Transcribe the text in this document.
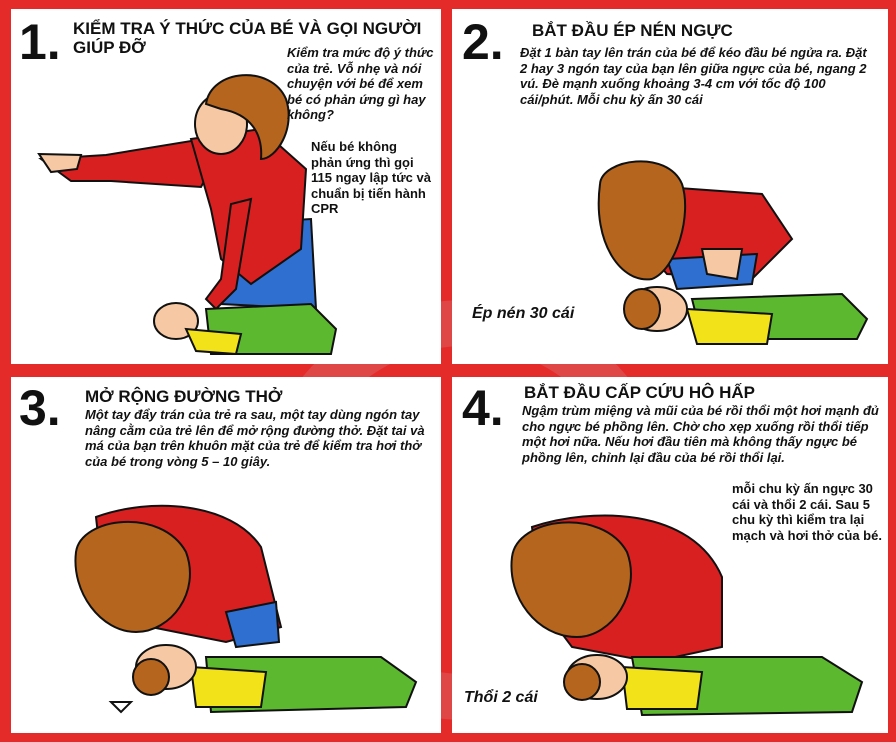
1. KIỂM TRA Ý THỨC CỦA BÉ VÀ GỌI NGƯỜI GIÚP ĐỠ	Kiểm tra mức độ ý thức của trẻ. Vỗ nhẹ và nói chuyện với bé để xem bé có phản ứng gì hay không?
Nếu bé không phản ứng thì gọi 115 ngay lập tức và chuẩn bị tiến hành CPR
2. BẮT ĐẦU ÉP NÉN NGỰC
Đặt 1 bàn tay lên trán của bé để kéo đầu bé ngửa ra. Đặt 2 hay 3 ngón tay của bạn lên giữa ngực của bé, ngang 2 vú. Đè mạnh xuống khoảng 3-4 cm với tốc độ 100 cái/phút. Mỗi chu kỳ ấn 30 cái
Ép nén 30 cái
3. MỞ RỘNG ĐƯỜNG THỞ
Một tay đẩy trán của trẻ ra sau, một tay dùng ngón tay nâng cằm của trẻ lên để mở rộng đường thở. Đặt tai và má của bạn trên khuôn mặt của trẻ để kiểm tra hơi thở của bé trong vòng 5 – 10 giây.
4. BẮT ĐẦU CẤP CỨU HÔ HẤP
Ngậm trùm miệng và mũi của bé rồi thổi một hơi mạnh đủ cho ngực bé phồng lên. Chờ cho xẹp xuống rồi thổi tiếp một hơi nữa. Nếu hơi đầu tiên mà không thấy ngực bé phồng lên, chỉnh lại đầu của bé rồi thổi lại.
mỗi chu kỳ ấn ngực 30 cái và thổi 2 cái. Sau 5 chu kỳ thì kiểm tra lại mạch và hơi thở của bé.
Thổi 2 cái
